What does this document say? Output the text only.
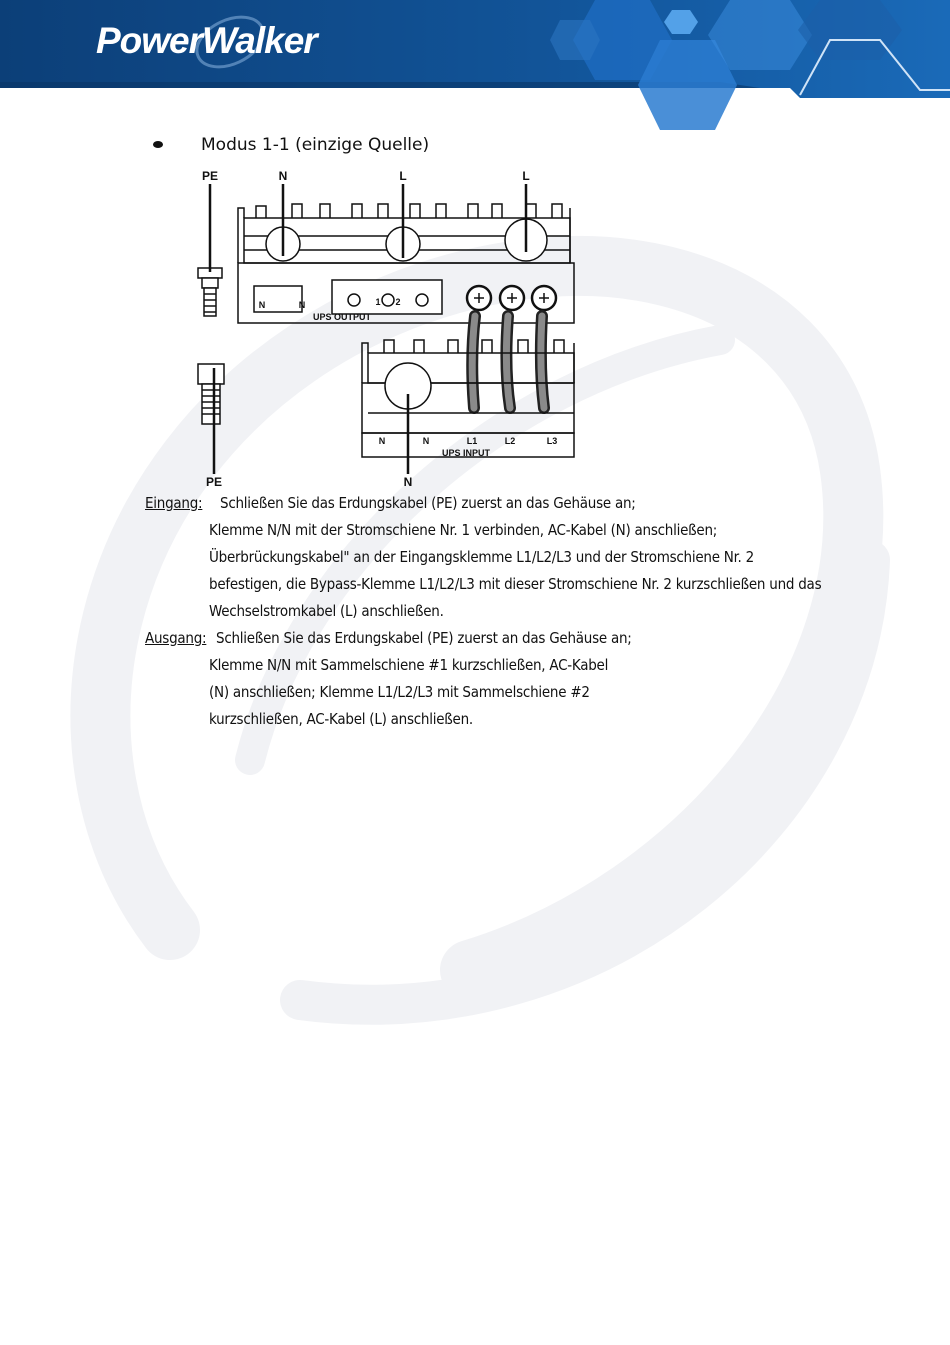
PowerWalker
Modus 1-1 (einzige Quelle)
PE	N	L	L
PE	N
1 2
N	N
UPS OUTPUT
N	N	L1	L2	L3
UPS INPUT
Eingang: Schließen Sie das Erdungskabel (PE) zuerst an das Gehäuse an;
Klemme N/N mit der Stromschiene Nr. 1 verbinden, AC-Kabel (N) anschließen;
Überbrückungskabel" an der Eingangsklemme L1/L2/L3 und der Stromschiene Nr. 2
befestigen, die Bypass-Klemme L1/L2/L3 mit dieser Stromschiene Nr. 2 kurzschließen und das
Wechselstromkabel (L) anschließen.
Ausgang: Schließen Sie das Erdungskabel (PE) zuerst an das Gehäuse an;
Klemme N/N mit Sammelschiene #1 kurzschließen, AC-Kabel
(N) anschließen; Klemme L1/L2/L3 mit Sammelschiene #2
kurzschließen, AC-Kabel (L) anschließen.
